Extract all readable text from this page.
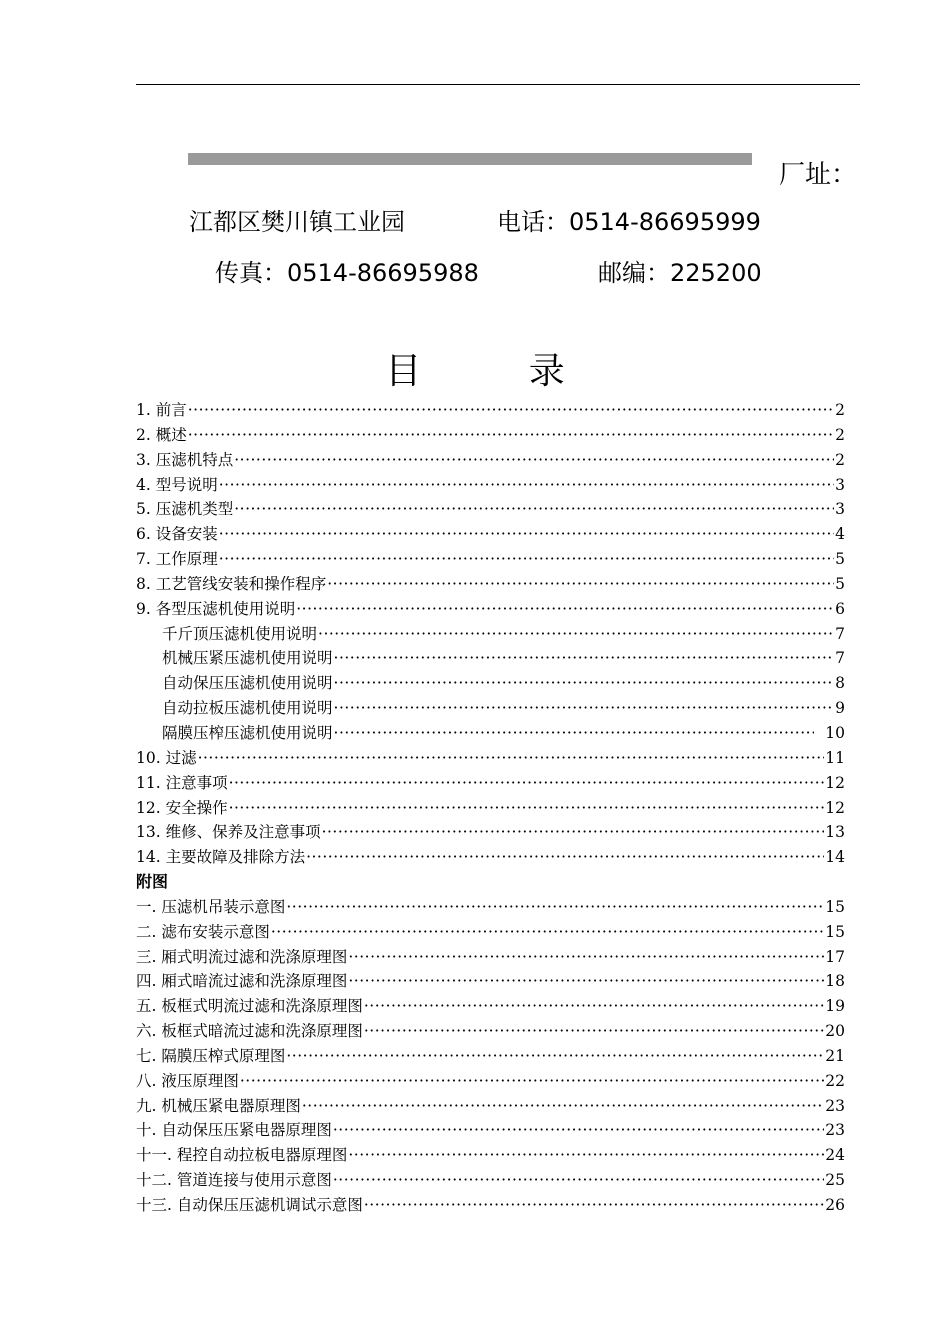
厂址：
江都区樊川镇工业园	电话：0514-86695999
传真：0514-86695988	邮编：225200
目 录
1. 前言 ·····	2
2. 概述 ·····	2
3. 压滤机特点 ·····	2
4. 型号说明 ·····	3
5. 压滤机类型 ·····	3
6. 设备安装 ·····	4
7. 工作原理 ·····	5
8. 工艺管线安装和操作程序 ·····	5
9. 各型压滤机使用说明 ·····	6
千斤顶压滤机使用说明 ·····	7
机械压紧压滤机使用说明 ·····	7
自动保压压滤机使用说明 ·····	8
自动拉板压滤机使用说明 ·····	9
隔膜压榨压滤机使用说明 ·····	10
10. 过滤 ·····	11
11. 注意事项 ·····	12
12. 安全操作 ·····	12
13. 维修、保养及注意事项 ·····	13
14. 主要故障及排除方法 ·····	14
附图
一. 压滤机吊装示意图 ·····	15
二. 滤布安装示意图 ·····	15
三. 厢式明流过滤和洗涤原理图 ·····	17
四. 厢式暗流过滤和洗涤原理图 ·····	18
五. 板框式明流过滤和洗涤原理图 ·····	19
六. 板框式暗流过滤和洗涤原理图 ·····	20
七. 隔膜压榨式原理图 ·····	21
八. 液压原理图 ·····	22
九. 机械压紧电器原理图 ·····	23
十. 自动保压压紧电器原理图 ·····	23
十一. 程控自动拉板电器原理图 ·····	24
十二. 管道连接与使用示意图 ·····	25
十三. 自动保压压滤机调试示意图 ·····	26
